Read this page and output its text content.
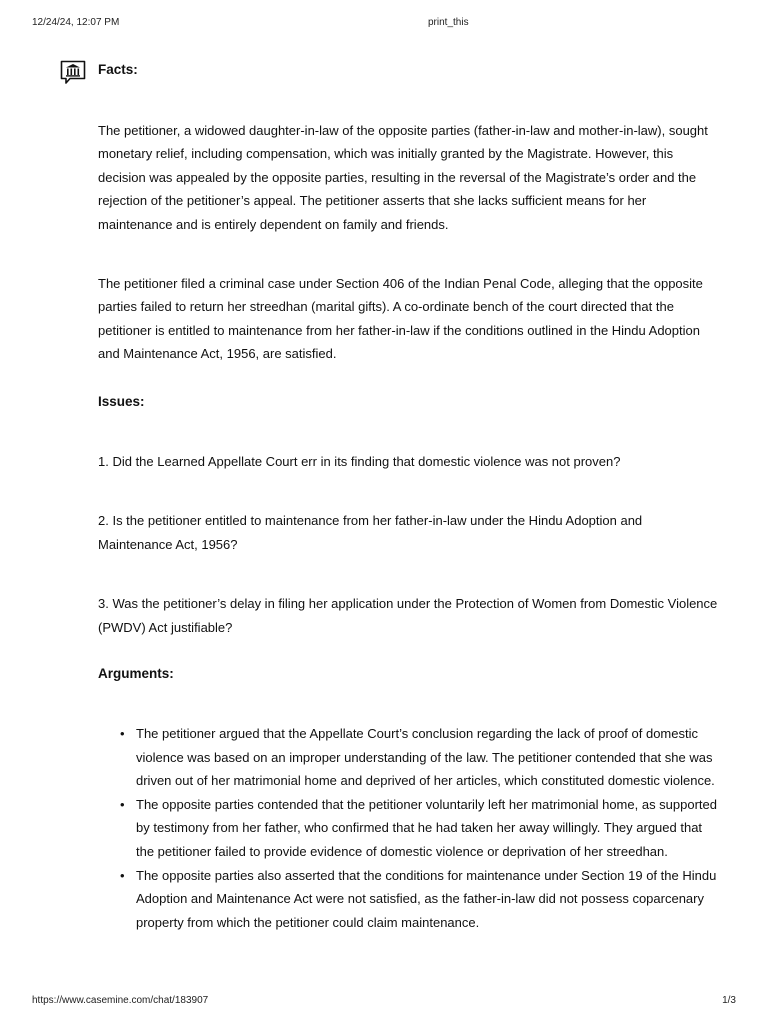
12/24/24, 12:07 PM	print_this

Facts:

The petitioner, a widowed daughter-in-law of the opposite parties (father-in-law and mother-in-law), sought monetary relief, including compensation, which was initially granted by the Magistrate. However, this decision was appealed by the opposite parties, resulting in the reversal of the Magistrate’s order and the rejection of the petitioner’s appeal. The petitioner asserts that she lacks sufficient means for her maintenance and is entirely dependent on family and friends.

The petitioner filed a criminal case under Section 406 of the Indian Penal Code, alleging that the opposite parties failed to return her streedhan (marital gifts). A co-ordinate bench of the court directed that the petitioner is entitled to maintenance from her father-in-law if the conditions outlined in the Hindu Adoption and Maintenance Act, 1956, are satisfied.

Issues:

1. Did the Learned Appellate Court err in its finding that domestic violence was not proven?

2. Is the petitioner entitled to maintenance from her father-in-law under the Hindu Adoption and Maintenance Act, 1956?

3. Was the petitioner’s delay in filing her application under the Protection of Women from Domestic Violence (PWDV) Act justifiable?

Arguments:

• The petitioner argued that the Appellate Court’s conclusion regarding the lack of proof of domestic violence was based on an improper understanding of the law. The petitioner contended that she was driven out of her matrimonial home and deprived of her articles, which constituted domestic violence.
• The opposite parties contended that the petitioner voluntarily left her matrimonial home, as supported by testimony from her father, who confirmed that he had taken her away willingly. They argued that the petitioner failed to provide evidence of domestic violence or deprivation of her streedhan.
• The opposite parties also asserted that the conditions for maintenance under Section 19 of the Hindu Adoption and Maintenance Act were not satisfied, as the father-in-law did not possess coparcenary property from which the petitioner could claim maintenance.
https://www.casemine.com/chat/183907	1/3
